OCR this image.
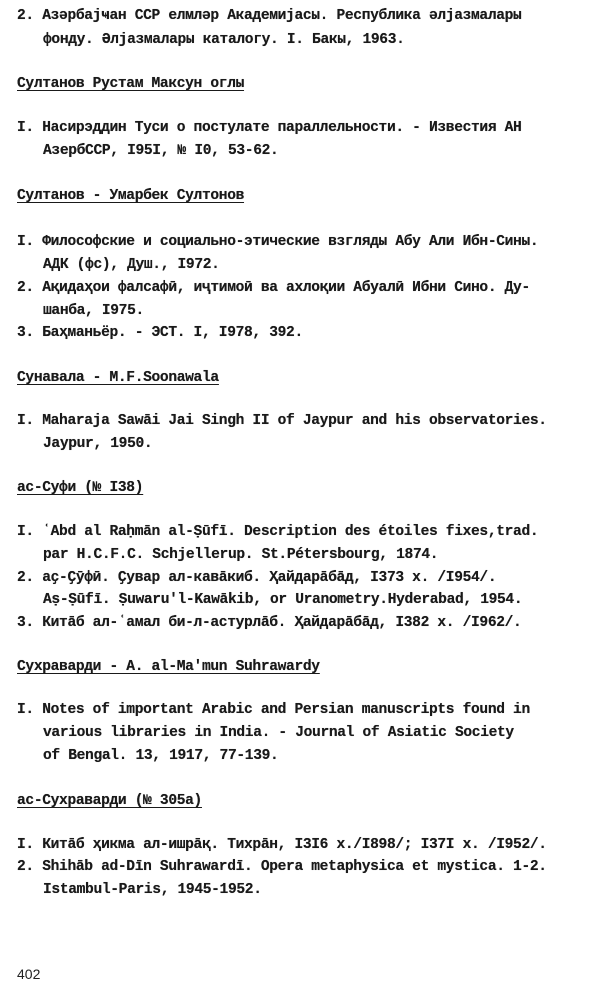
2. Азәрбајҹан ССР елмләр Академијасы. Республика әлјазмалары
фонду. Әлјазмалары каталогу. I. Бакы, 1963.
Султанов Рустам Максун оглы
I. Насирэддин Туси о постулате параллельности. - Известия АН
АзербССР, I95I, № I0, 53-62.
Султанов - Умарбек Султонов
I. Философские и социально-этические взгляды Абу Али Ибн-Сины.
АДК (фс), Душ., I972.
2. Ақидаҳои фалсафӣ, иҷтимоӣ ва ахлоқии Абуалӣ Ибни Сино. Ду-
шанба, I975.
3. Баҳманьёр. - ЭСТ. I, I978, 392.
Сунавала - M.F.Soonawala
I. Maharaja Sawāi Jai Singh II of Jaypur and his observatories.
Jaypur, 1950.
ас-Суфи (№ I38)
I. ʿAbd al Raḥmān al-Ṣūfī. Description des étoiles fixes,trad.
par H.C.F.C. Schjellerup. St.Pétersbourg, 1874.
2. аҫ-Ҫӯфӣ. Ҫувар ал-кавāкиб. Ҳайдарāбāд, I373 х. /I954/.
Aṣ-Ṣūfī. Ṣuwaru'l-Kawākib, or Uranometry.Hyderabad, 1954.
3. Китāб ал-ʿамал би-л-астурлāб. Ҳайдарāбāд, I382 х. /I962/.
Сухраварди - A. al-Ma'mun Suhrawardy
I. Notes of important Arabic and Persian manuscripts found in
various libraries in India. - Journal of Asiatic Society
of Bengal. 13, 1917, 77-139.
ас-Сухраварди (№ 305а)
I. Китāб ҳикма ал-ишрāқ. Тихрāн, I3I6 х./I898/; I37I х. /I952/.
2. Shihāb ad-Dīn Suhrawardī. Opera metaphysica et mystica. 1-2.
Istambul-Paris, 1945-1952.
402
